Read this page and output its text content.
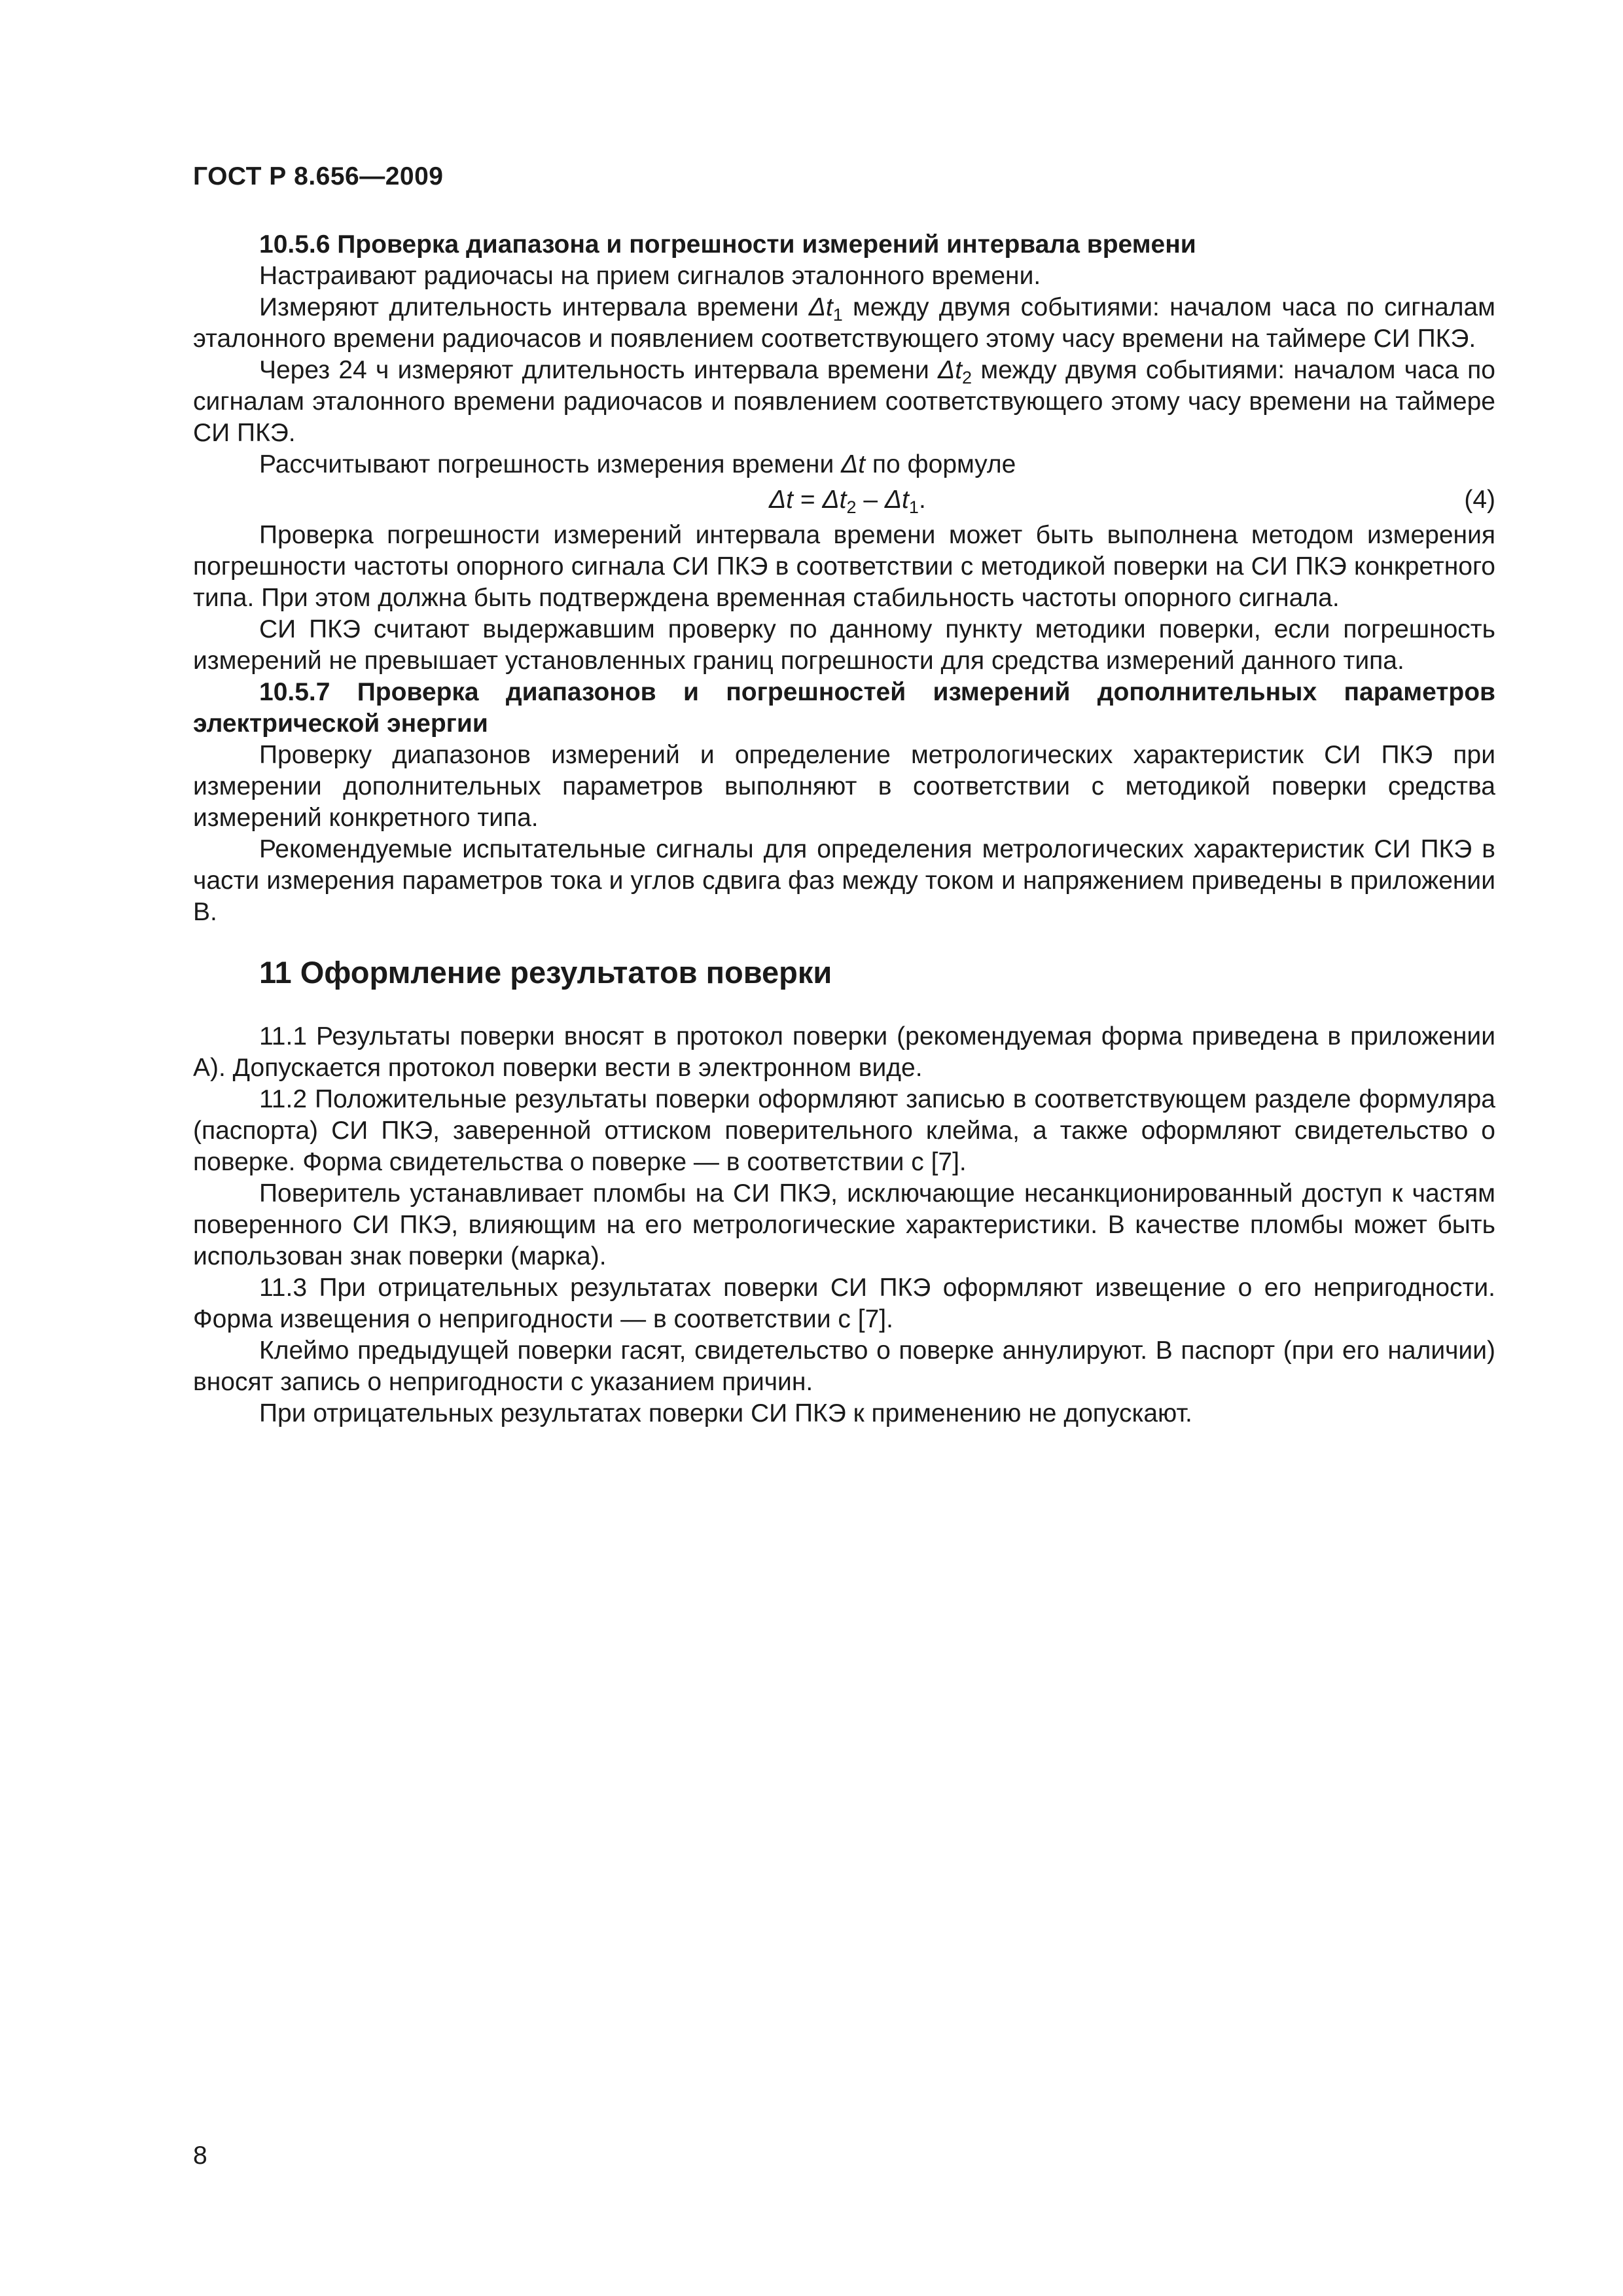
ГОСТ Р 8.656—2009

10.5.6 Проверка диапазона и погрешности измерений интервала времени

Настраивают радиочасы на прием сигналов эталонного времени.

Измеряют длительность интервала времени $\Delta t_1$ между двумя событиями: началом часа по сигналам эталонного времени радиочасов и появлением соответствующего этому часу времени на таймере СИ ПКЭ.

Через 24 ч измеряют длительность интервала времени $\Delta t_2$ между двумя событиями: началом часа по сигналам эталонного времени радиочасов и появлением соответствующего этому часу времени на таймере СИ ПКЭ.

Рассчитывают погрешность измерения времени Δt по формуле

$\Delta t = \Delta t_2 - \Delta t_1$.	(4)

Проверка погрешности измерений интервала времени может быть выполнена методом измерения погрешности частоты опорного сигнала СИ ПКЭ в соответствии с методикой поверки на СИ ПКЭ конкретного типа. При этом должна быть подтверждена временная стабильность частоты опорного сигнала.

СИ ПКЭ считают выдержавшим проверку по данному пункту методики поверки, если погрешность измерений не превышает установленных границ погрешности для средства измерений данного типа.

10.5.7 Проверка диапазонов и погрешностей измерений дополнительных параметров электрической энергии

Проверку диапазонов измерений и определение метрологических характеристик СИ ПКЭ при измерении дополнительных параметров выполняют в соответствии с методикой поверки средства измерений конкретного типа.

Рекомендуемые испытательные сигналы для определения метрологических характеристик СИ ПКЭ в части измерения параметров тока и углов сдвига фаз между током и напряжением приведены в приложении В.

11 Оформление результатов поверки

11.1 Результаты поверки вносят в протокол поверки (рекомендуемая форма приведена в приложении А). Допускается протокол поверки вести в электронном виде.

11.2 Положительные результаты поверки оформляют записью в соответствующем разделе формуляра (паспорта) СИ ПКЭ, заверенной оттиском поверительного клейма, а также оформляют свидетельство о поверке. Форма свидетельства о поверке — в соответствии с [7].

Поверитель устанавливает пломбы на СИ ПКЭ, исключающие несанкционированный доступ к частям поверенного СИ ПКЭ, влияющим на его метрологические характеристики. В качестве пломбы может быть использован знак поверки (марка).

11.3 При отрицательных результатах поверки СИ ПКЭ оформляют извещение о его непригодности. Форма извещения о непригодности — в соответствии с [7].

Клеймо предыдущей поверки гасят, свидетельство о поверке аннулируют. В паспорт (при его наличии) вносят запись о непригодности с указанием причин.

При отрицательных результатах поверки СИ ПКЭ к применению не допускают.

8
